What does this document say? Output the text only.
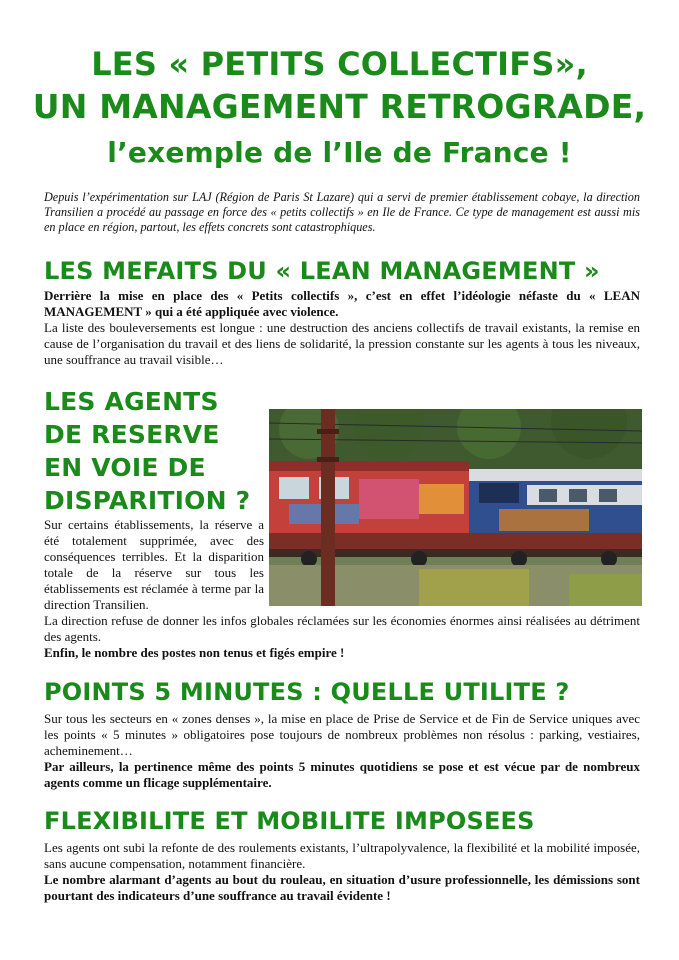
LES « PETITS COLLECTIFS»,
UN MANAGEMENT RETROGRADE,
l’exemple de l’Ile de France !
Depuis l’expérimentation sur LAJ (Région de Paris St Lazare) qui a servi de premier établissement cobaye, la direction Transilien a procédé au passage en force des « petits collectifs » en Ile de France. Ce type de management est aussi mis en place en région, partout, les effets concrets sont catastrophiques.
LES MEFAITS DU « LEAN MANAGEMENT »

Derrière la mise en place des « Petits collectifs », c’est en effet l’idéologie néfaste du « LEAN MANAGEMENT » qui a été appliquée avec violence.

La liste des bouleversements est longue : une destruction des anciens collectifs de travail existants, la remise en cause de l’organisation du travail et des liens de solidarité, la pression constante sur les agents à tous les niveaux, une souffrance au travail visible…

LES AGENTS
DE RESERVE
EN VOIE DE
DISPARITION ?
Sur certains établissements, la réserve a été totalement supprimée, avec des conséquences terribles. Et la disparition totale de la réserve sur tous les établissements est réclamée à terme par la direction Transilien.

La direction refuse de donner les infos globales réclamées sur les économies énormes ainsi réalisées au détriment des agents.

Enfin, le nombre des postes non tenus et figés empire !

POINTS 5 MINUTES : QUELLE UTILITE ?

Sur tous les secteurs en « zones denses », la mise en place de Prise de Service et de Fin de Service uniques avec les points « 5 minutes » obligatoires pose toujours de nombreux problèmes non résolus : parking, vestiaires, acheminement…

Par ailleurs, la pertinence même des points 5 minutes quotidiens se pose et est vécue par de nombreux agents comme un flicage supplémentaire.

FLEXIBILITE ET MOBILITE IMPOSEES

Les agents ont subi la refonte de des roulements existants, l’ultrapolyvalence, la flexibilité et la mobilité imposée, sans aucune compensation, notamment financière.

Le nombre alarmant d’agents au bout du rouleau, en situation d’usure professionnelle, les démissions sont pourtant des indicateurs d’une souffrance au travail évidente !
